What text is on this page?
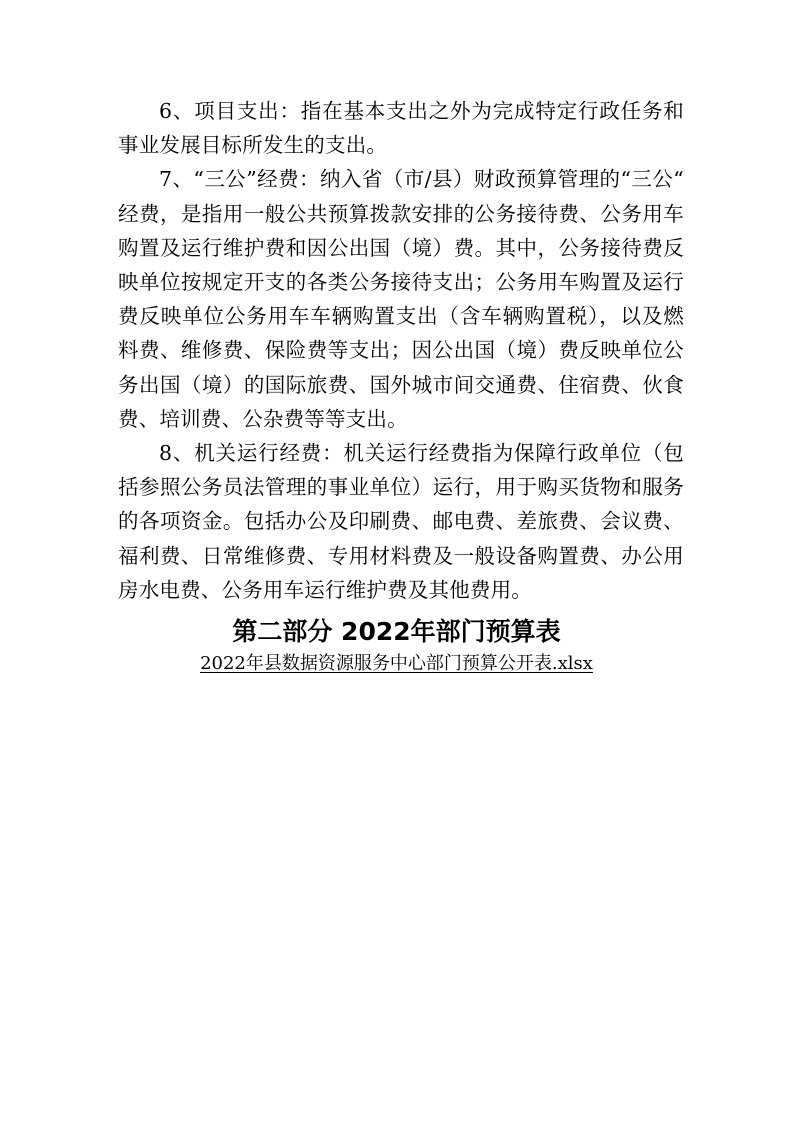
6、项目支出：指在基本支出之外为完成特定行政任务和事业发展目标所发生的支出。

7、“三公”经费：纳入省（市/县）财政预算管理的“三公“经费，是指用一般公共预算拨款安排的公务接待费、公务用车购置及运行维护费和因公出国（境）费。其中，公务接待费反映单位按规定开支的各类公务接待支出；公务用车购置及运行费反映单位公务用车车辆购置支出（含车辆购置税），以及燃料费、维修费、保险费等支出；因公出国（境）费反映单位公务出国（境）的国际旅费、国外城市间交通费、住宿费、伙食费、培训费、公杂费等等支出。

8、机关运行经费：机关运行经费指为保障行政单位（包括参照公务员法管理的事业单位）运行，用于购买货物和服务的各项资金。包括办公及印刷费、邮电费、差旅费、会议费、福利费、日常维修费、专用材料费及一般设备购置费、办公用房水电费、公务用车运行维护费及其他费用。

第二部分 2022年部门预算表
2022年县数据资源服务中心部门预算公开表.xlsx
